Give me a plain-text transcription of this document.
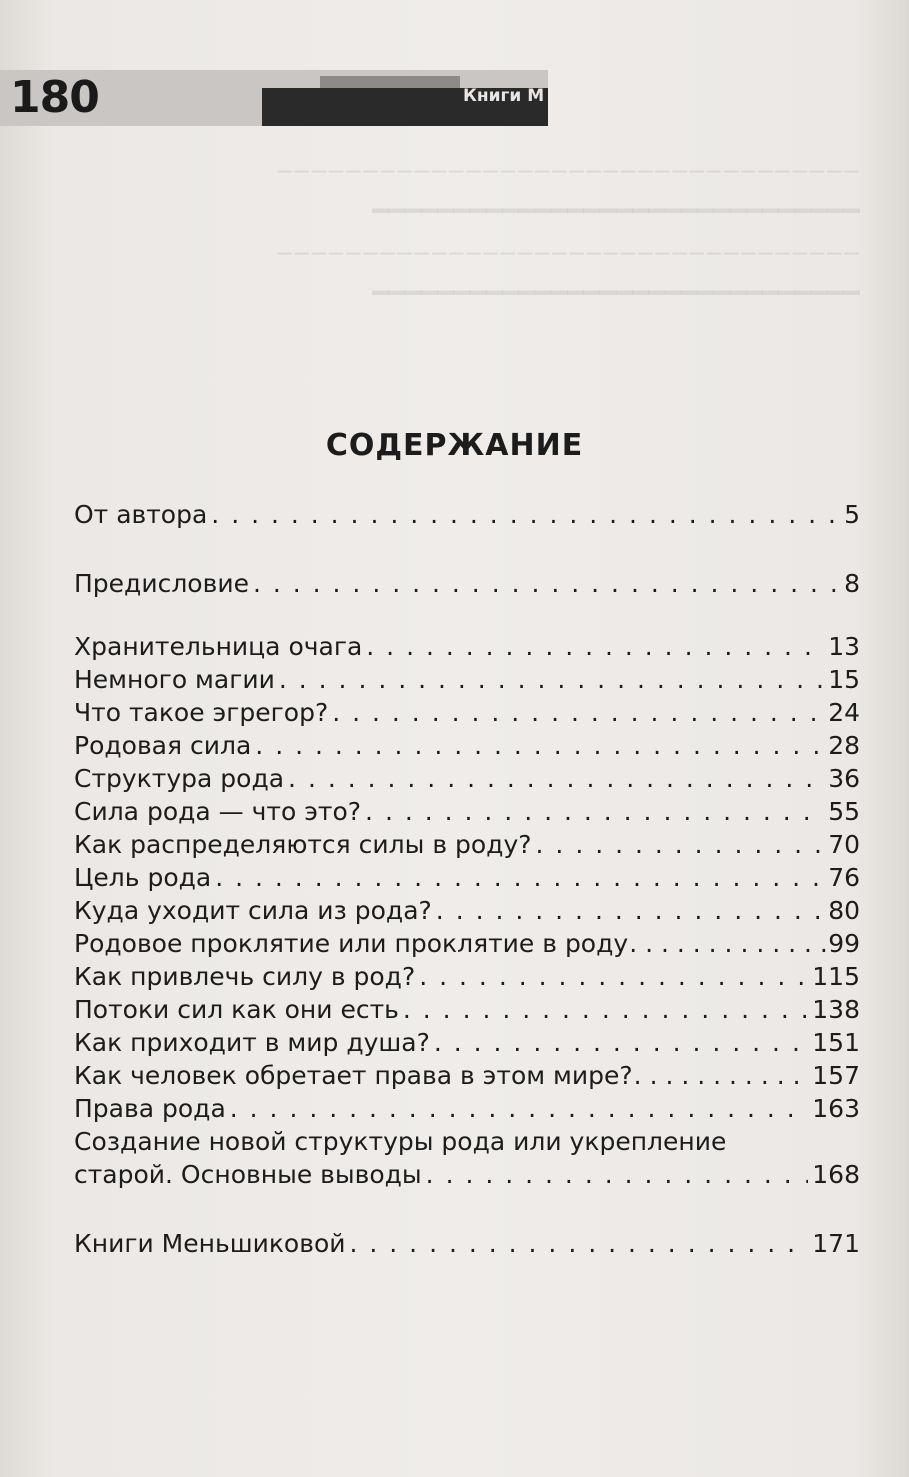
‒‒‒‒‒‒‒‒‒‒‒‒‒‒‒‒‒‒‒‒‒‒‒‒‒‒‒‒‒‒‒‒‒‒
━━━━━━━━━━━━━━━━━━━━━━━━━━━━━━
‒‒‒‒‒‒‒‒‒‒‒‒‒‒‒‒‒‒‒‒‒‒‒‒‒‒‒‒‒‒‒‒‒‒
━━━━━━━━━━━━━━━━━━━━━━━━━━━━━━
180	Книги М
СОДЕРЖАНИЕ
От автора . . .	5
Предисловие . . .	8
Хранительница очага . . .	13
Немного магии . . .	15
Что такое эгрегор? . . .	24
Родовая сила . . .	28
Структура рода . . .	36
Сила рода — что это? . . .	55
Как распределяются силы в роду? . . .	70
Цель рода . . .	76
Куда уходит сила из рода? . . .	80
Родовое проклятие или проклятие в роду . . .	99
Как привлечь силу в род? . . .	115
Потоки сил как они есть . . .	138
Как приходит в мир душа? . . .	151
Как человек обретает права в этом мире? . . .	157
Права рода . . .	163
Создание новой структуры рода или укрепление
старой. Основные выводы . . .	168
Книги Меньшиковой . . .	171
